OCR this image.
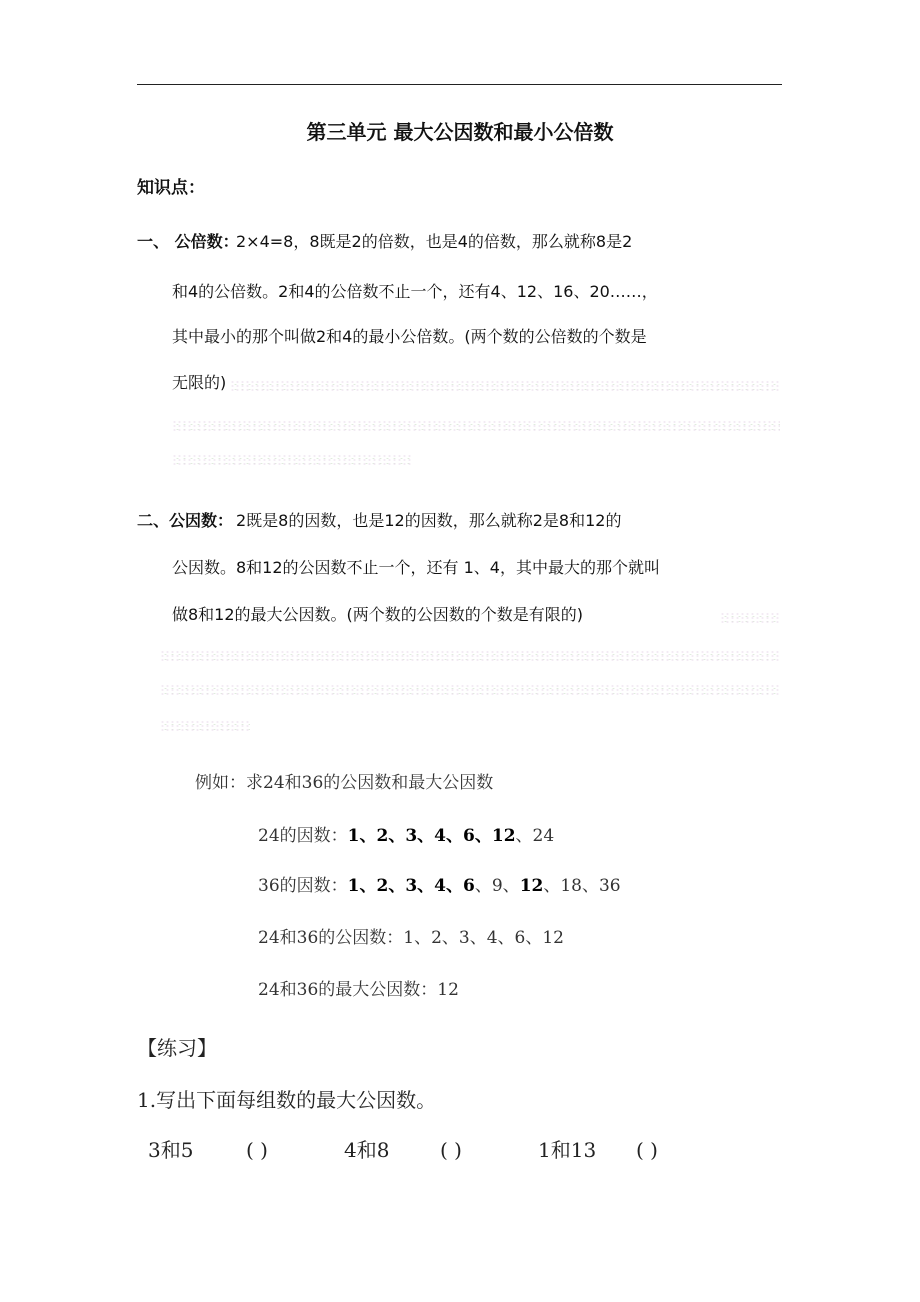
第三单元 最大公因数和最小公倍数
知识点：
一、 公倍数：
2×4=8，8既是2的倍数，也是4的倍数，那么就称8是2
和4的公倍数。2和4的公倍数不止一个，还有4、12、16、20……，
其中最小的那个叫做2和4的最小公倍数。(两个数的公倍数的个数是
无限的)
二、公因数： 2既是8的因数，也是12的因数，那么就称2是8和12的
公因数。8和12的公因数不止一个，还有 1、4，其中最大的那个就叫
做8和12的最大公因数。(两个数的公因数的个数是有限的)
例如：求24和36的公因数和最大公因数
24的因数：1、2、3、4、6、12、24
36的因数：1、2、3、4、6、9、12、18、36
24和36的公因数：1、2、3、4、6、12
24和36的最大公因数：12
【练习】
1.写出下面每组数的最大公因数。
3和5	( )	4和8	( )	1和13 ( )
